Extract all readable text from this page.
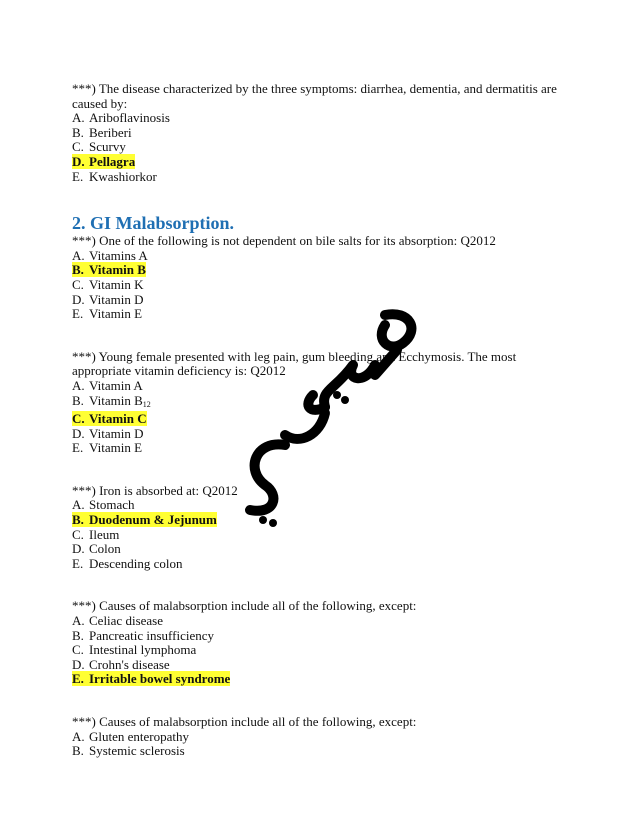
***) The disease characterized by the three symptoms: diarrhea, dementia, and dermatitis are caused by:

A. Ariboflavinosis

B. Beriberi

C. Scurvy

D. Pellagra

E. Kwashiorkor

2. GI Malabsorption.

***) One of the following is not dependent on bile salts for its absorption: Q2012

A. Vitamins A

B. Vitamin B

C. Vitamin K

D. Vitamin D

E. Vitamin E

***) Young female presented with leg pain, gum bleeding and Ecchymosis. The most appropriate vitamin deficiency is: Q2012

A. Vitamin A

B. Vitamin $B_{12}$

C. Vitamin C

D. Vitamin D

E. Vitamin E

***) Iron is absorbed at: Q2012

A. Stomach

B. Duodenum & Jejunum

C. Ileum

D. Colon

E. Descending colon

***) Causes of malabsorption include all of the following, except:

A. Celiac disease

B. Pancreatic insufficiency

C. Intestinal lymphoma

D. Crohn's disease

E. Irritable bowel syndrome

***) Causes of malabsorption include all of the following, except:

A. Gluten enteropathy

B. Systemic sclerosis
